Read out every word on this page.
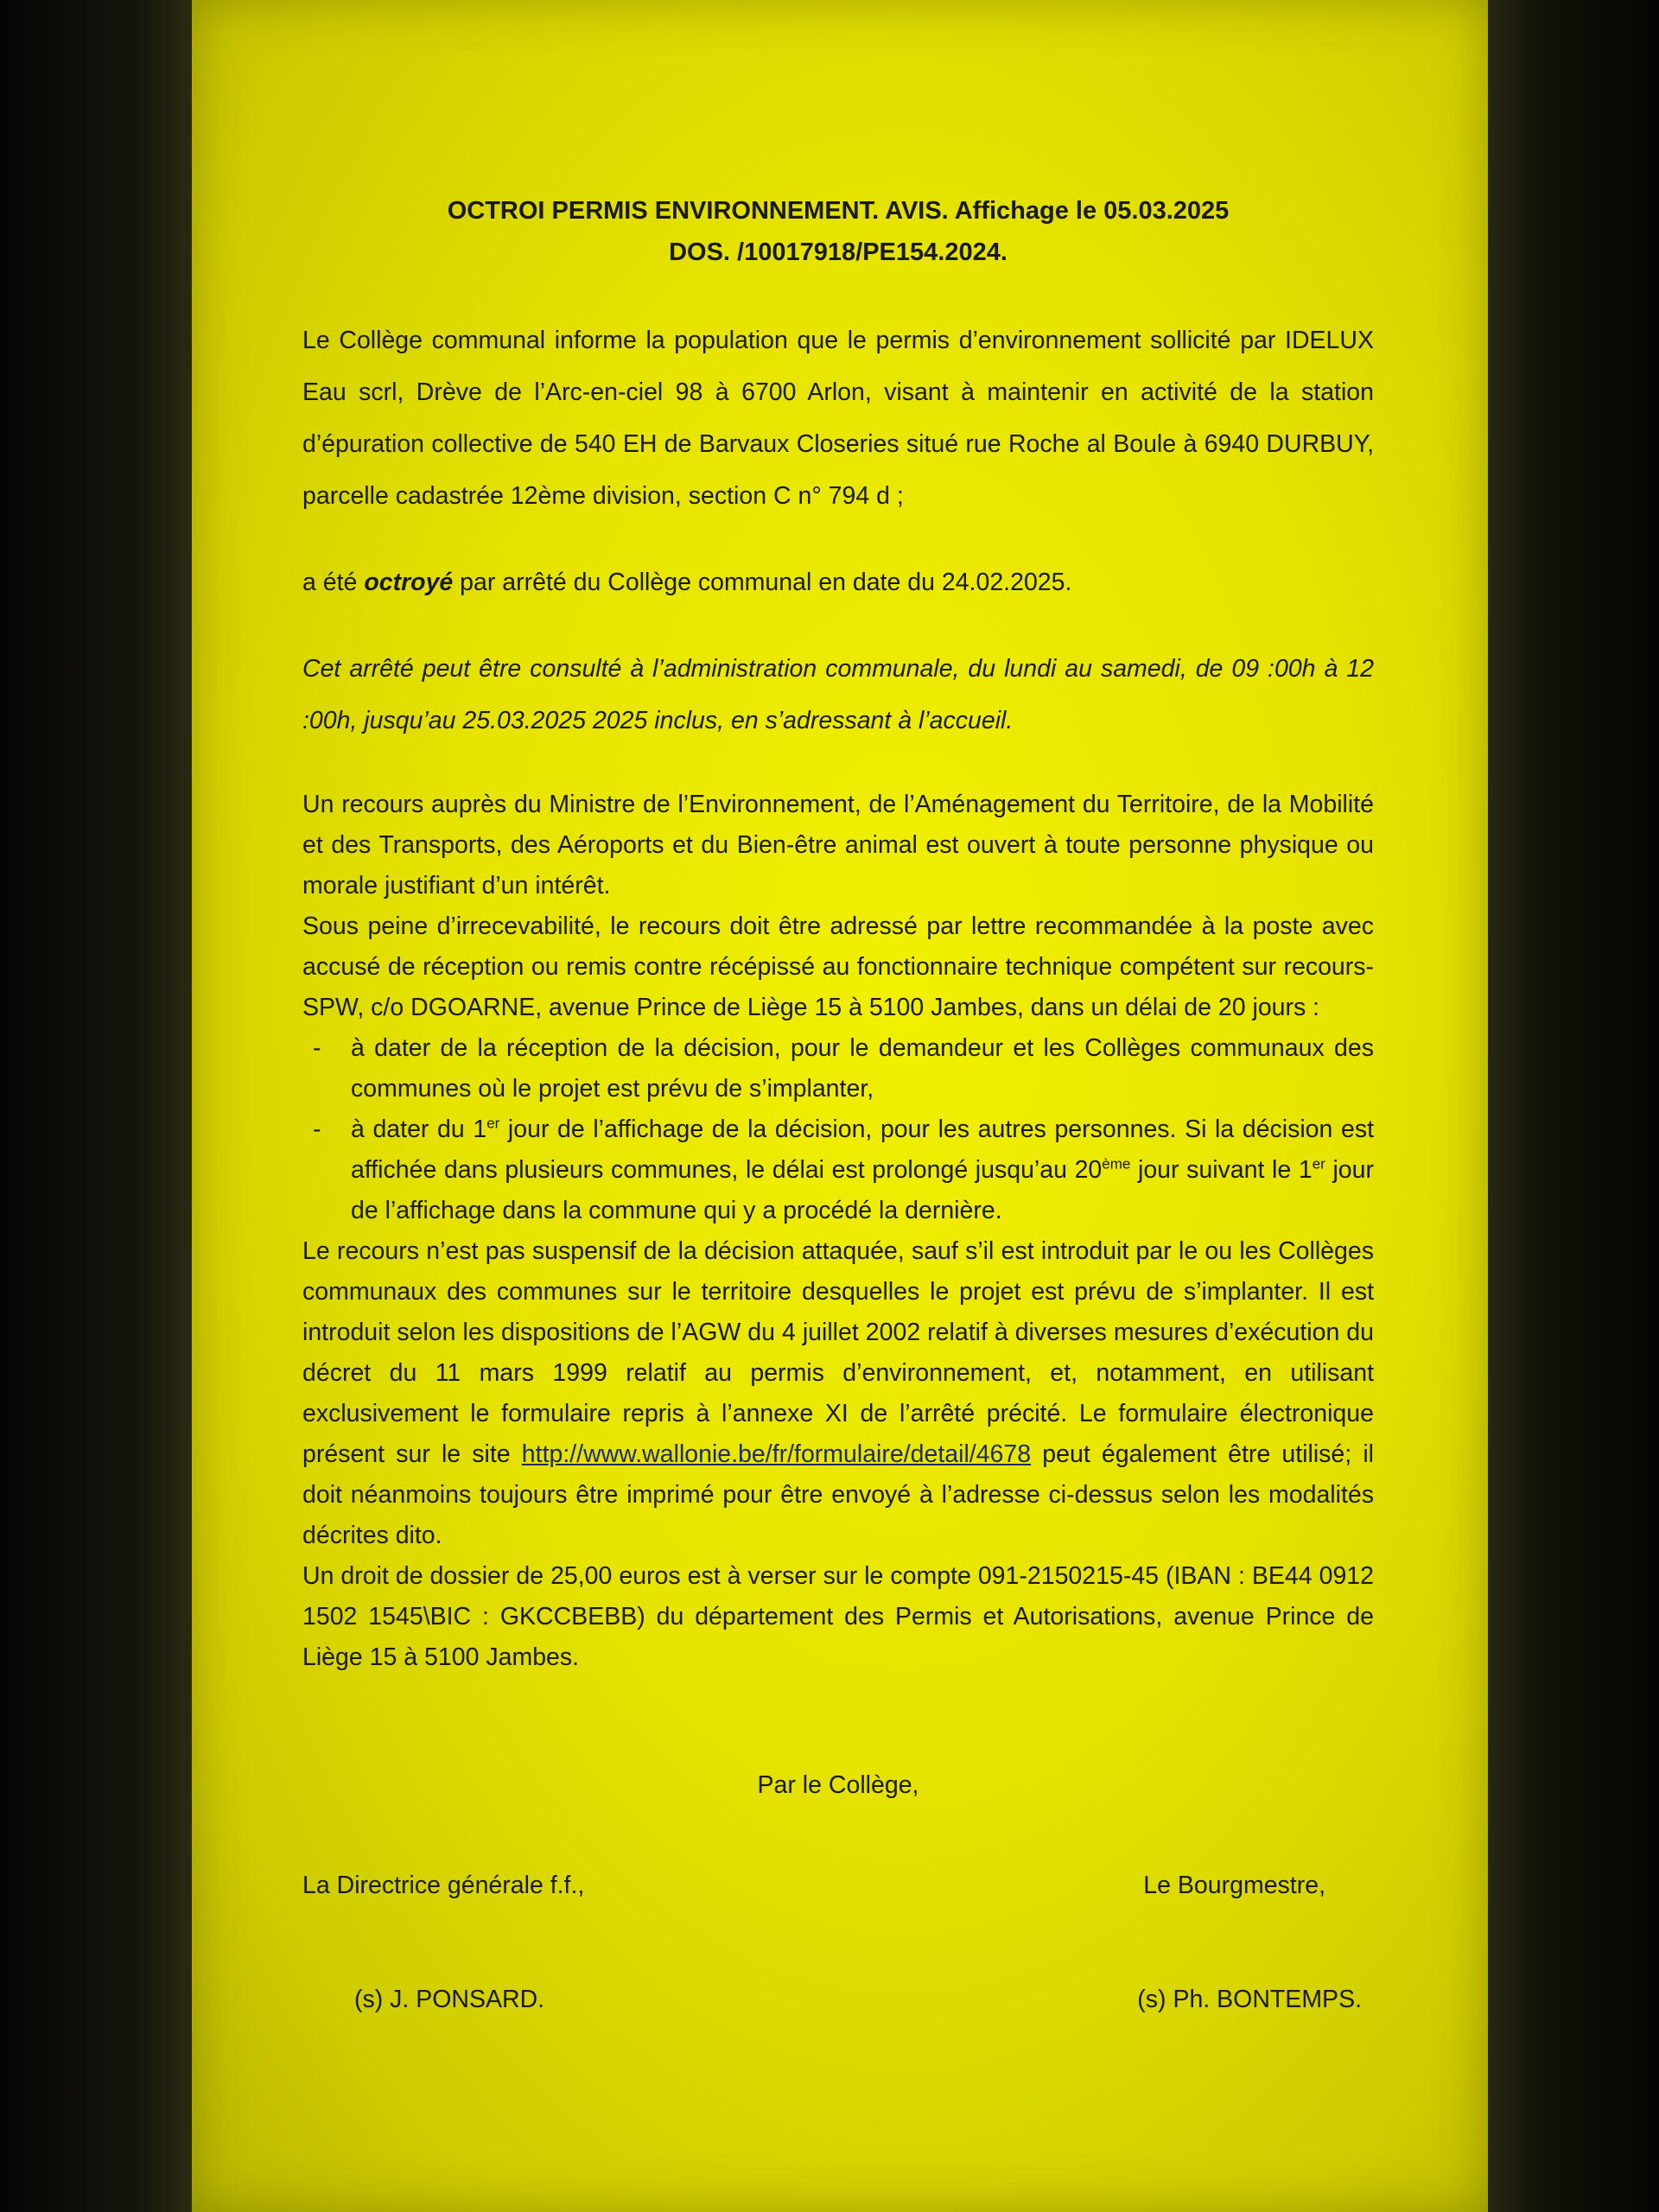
OCTROI PERMIS ENVIRONNEMENT. AVIS. Affichage le 05.03.2025
DOS. /10017918/PE154.2024.

Le Collège communal informe la population que le permis d’environnement sollicité par IDELUX Eau scrl, Drève de l’Arc-en-ciel 98 à 6700 Arlon, visant à maintenir en activité de la station d’épuration collective de 540 EH de Barvaux Closeries situé rue Roche al Boule à 6940 DURBUY, parcelle cadastrée 12ème division, section C n° 794 d ;

a été octroyé par arrêté du Collège communal en date du 24.02.2025.

Cet arrêté peut être consulté à l’administration communale, du lundi au samedi, de 09 :00h à 12 :00h, jusqu’au 25.03.2025 2025 inclus, en s’adressant à l’accueil.

Un recours auprès du Ministre de l’Environnement, de l’Aménagement du Territoire, de la Mobilité et des Transports, des Aéroports et du Bien-être animal est ouvert à toute personne physique ou morale justifiant d’un intérêt.

Sous peine d’irrecevabilité, le recours doit être adressé par lettre recommandée à la poste avec accusé de réception ou remis contre récépissé au fonctionnaire technique compétent sur recours-SPW, c/o DGOARNE, avenue Prince de Liège 15 à 5100 Jambes, dans un délai de 20 jours :

- à dater de la réception de la décision, pour le demandeur et les Collèges communaux des communes où le projet est prévu de s’implanter,
- à dater du 1er jour de l’affichage de la décision, pour les autres personnes. Si la décision est affichée dans plusieurs communes, le délai est prolongé jusqu’au 20ème jour suivant le 1er jour de l’affichage dans la commune qui y a procédé la dernière.

Le recours n’est pas suspensif de la décision attaquée, sauf s’il est introduit par le ou les Collèges communaux des communes sur le territoire desquelles le projet est prévu de s’implanter. Il est introduit selon les dispositions de l’AGW du 4 juillet 2002 relatif à diverses mesures d’exécution du décret du 11 mars 1999 relatif au permis d’environnement, et, notamment, en utilisant exclusivement le formulaire repris à l’annexe XI de l’arrêté précité. Le formulaire électronique présent sur le site http://www.wallonie.be/fr/formulaire/detail/4678 peut également être utilisé; il doit néanmoins toujours être imprimé pour être envoyé à l’adresse ci-dessus selon les modalités décrites dito.

Un droit de dossier de 25,00 euros est à verser sur le compte 091-2150215-45 (IBAN : BE44 0912 1502 1545\BIC : GKCCBEBB) du département des Permis et Autorisations, avenue Prince de Liège 15 à 5100 Jambes.

Par le Collège,
La Directrice générale f.f.,	Le Bourgmestre,
(s) J. PONSARD.	(s) Ph. BONTEMPS.
